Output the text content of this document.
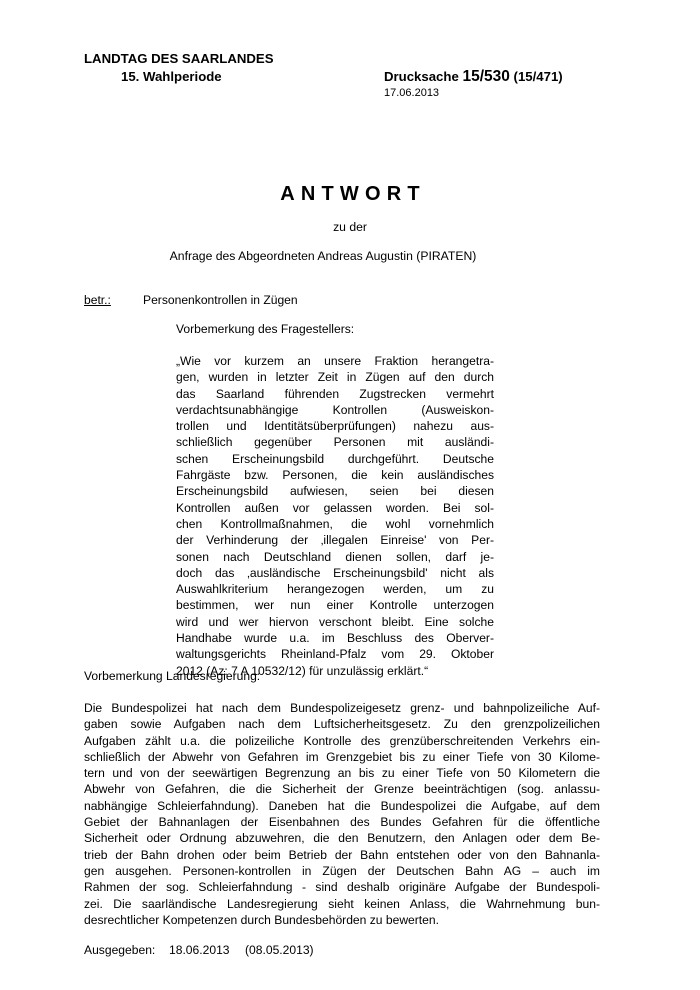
LANDTAG DES SAARLANDES
15. Wahlperiode	Drucksache 15/530 (15/471)
17.06.2013
ANTWORT
zu der
Anfrage des Abgeordneten Andreas Augustin (PIRATEN)
betr.:	Personenkontrollen in Zügen
Vorbemerkung des Fragestellers:
„Wie vor kurzem an unsere Fraktion herangetra-
gen, wurden in letzter Zeit in Zügen auf den durch
das Saarland führenden Zugstrecken vermehrt
verdachtsunabhängige Kontrollen (Ausweiskon-
trollen und Identitätsüberprüfungen) nahezu aus-
schließlich gegenüber Personen mit ausländi-
schen Erscheinungsbild durchgeführt. Deutsche
Fahrgäste bzw. Personen, die kein ausländisches
Erscheinungsbild aufwiesen, seien bei diesen
Kontrollen außen vor gelassen worden. Bei sol-
chen Kontrollmaßnahmen, die wohl vornehmlich
der Verhinderung der ‚illegalen Einreise' von Per-
sonen nach Deutschland dienen sollen, darf je-
doch das ‚ausländische Erscheinungsbild' nicht als
Auswahlkriterium herangezogen werden, um zu
bestimmen, wer nun einer Kontrolle unterzogen
wird und wer hiervon verschont bleibt. Eine solche
Handhabe wurde u.a. im Beschluss des Oberver-
waltungsgerichts Rheinland-Pfalz vom 29. Oktober
2012 (Az: 7 A 10532/12) für unzulässig erklärt.“
Vorbemerkung Landesregierung:
Die Bundespolizei hat nach dem Bundespolizeigesetz grenz- und bahnpolizeiliche Auf-
gaben sowie Aufgaben nach dem Luftsicherheitsgesetz. Zu den grenzpolizeilichen
Aufgaben zählt u.a. die polizeiliche Kontrolle des grenzüberschreitenden Verkehrs ein-
schließlich der Abwehr von Gefahren im Grenzgebiet bis zu einer Tiefe von 30 Kilome-
tern und von der seewärtigen Begrenzung an bis zu einer Tiefe von 50 Kilometern die
Abwehr von Gefahren, die die Sicherheit der Grenze beeinträchtigen (sog. anlassu-
nabhängige Schleierfahndung). Daneben hat die Bundespolizei die Aufgabe, auf dem
Gebiet der Bahnanlagen der Eisenbahnen des Bundes Gefahren für die öffentliche
Sicherheit oder Ordnung abzuwehren, die den Benutzern, den Anlagen oder dem Be-
trieb der Bahn drohen oder beim Betrieb der Bahn entstehen oder von den Bahnanla-
gen ausgehen. Personen-kontrollen in Zügen der Deutschen Bahn AG – auch im
Rahmen der sog. Schleierfahndung - sind deshalb originäre Aufgabe der Bundespoli-
zei. Die saarländische Landesregierung sieht keinen Anlass, die Wahrnehmung bun-
desrechtlicher Kompetenzen durch Bundesbehörden zu bewerten.
Ausgegeben: 18.06.2013 (08.05.2013)
